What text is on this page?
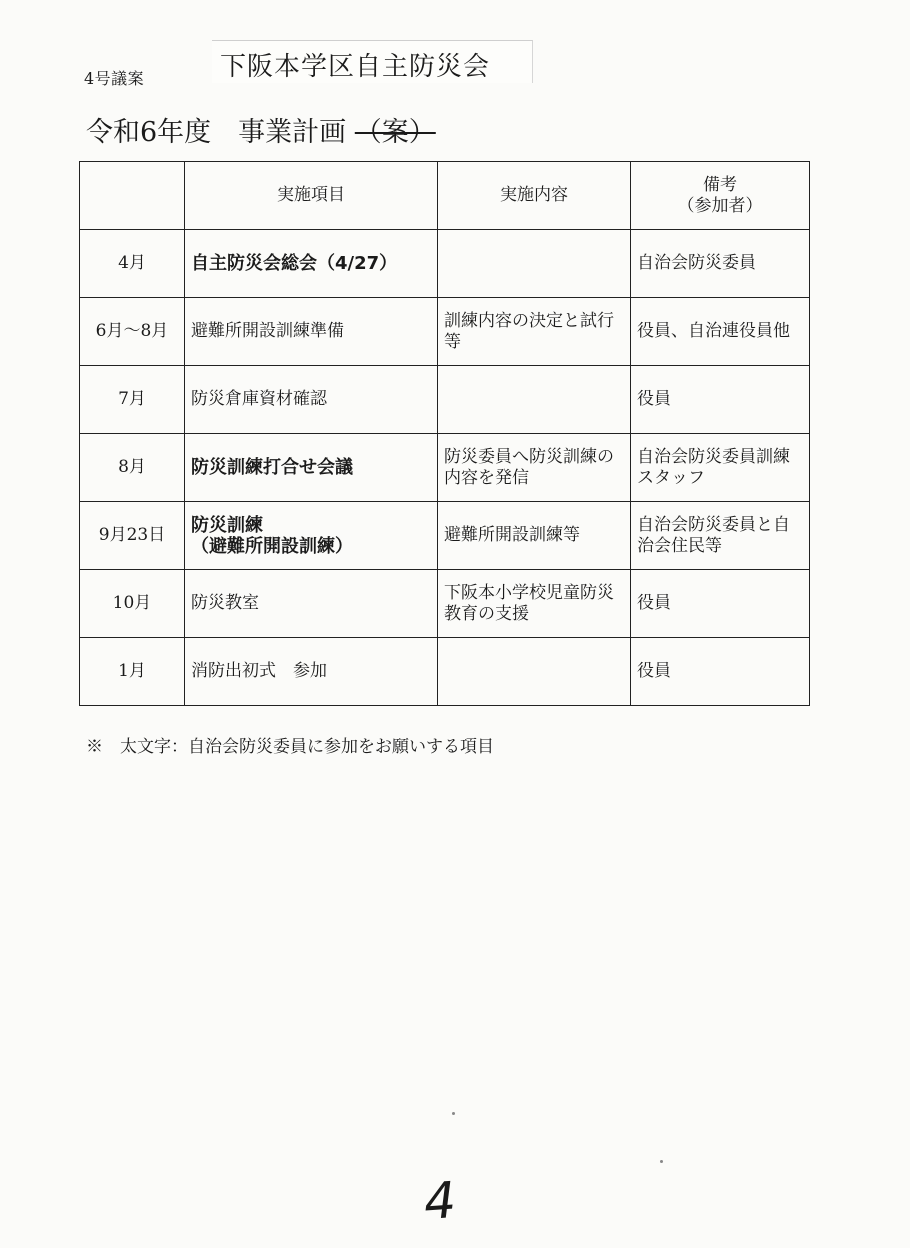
4号議案	下阪本学区自主防災会
令和6年度　事業計画 （案）
	実施項目	実施内容	備考
（参加者）

4月	自主防災会総会（4/27）		自治会防災委員
6月～8月	避難所開設訓練準備	訓練内容の決定と試行等	役員、自治連役員他
7月	防災倉庫資材確認		役員
8月	防災訓練打合せ会議	防災委員へ防災訓練の内容を発信	自治会防災委員訓練スタッフ
9月23日	防災訓練
（避難所開設訓練）	避難所開設訓練等	自治会防災委員と自治会住民等
10月	防災教室	下阪本小学校児童防災教育の支援	役員
1月	消防出初式　参加		役員
※　太文字：自治会防災委員に参加をお願いする項目
4
